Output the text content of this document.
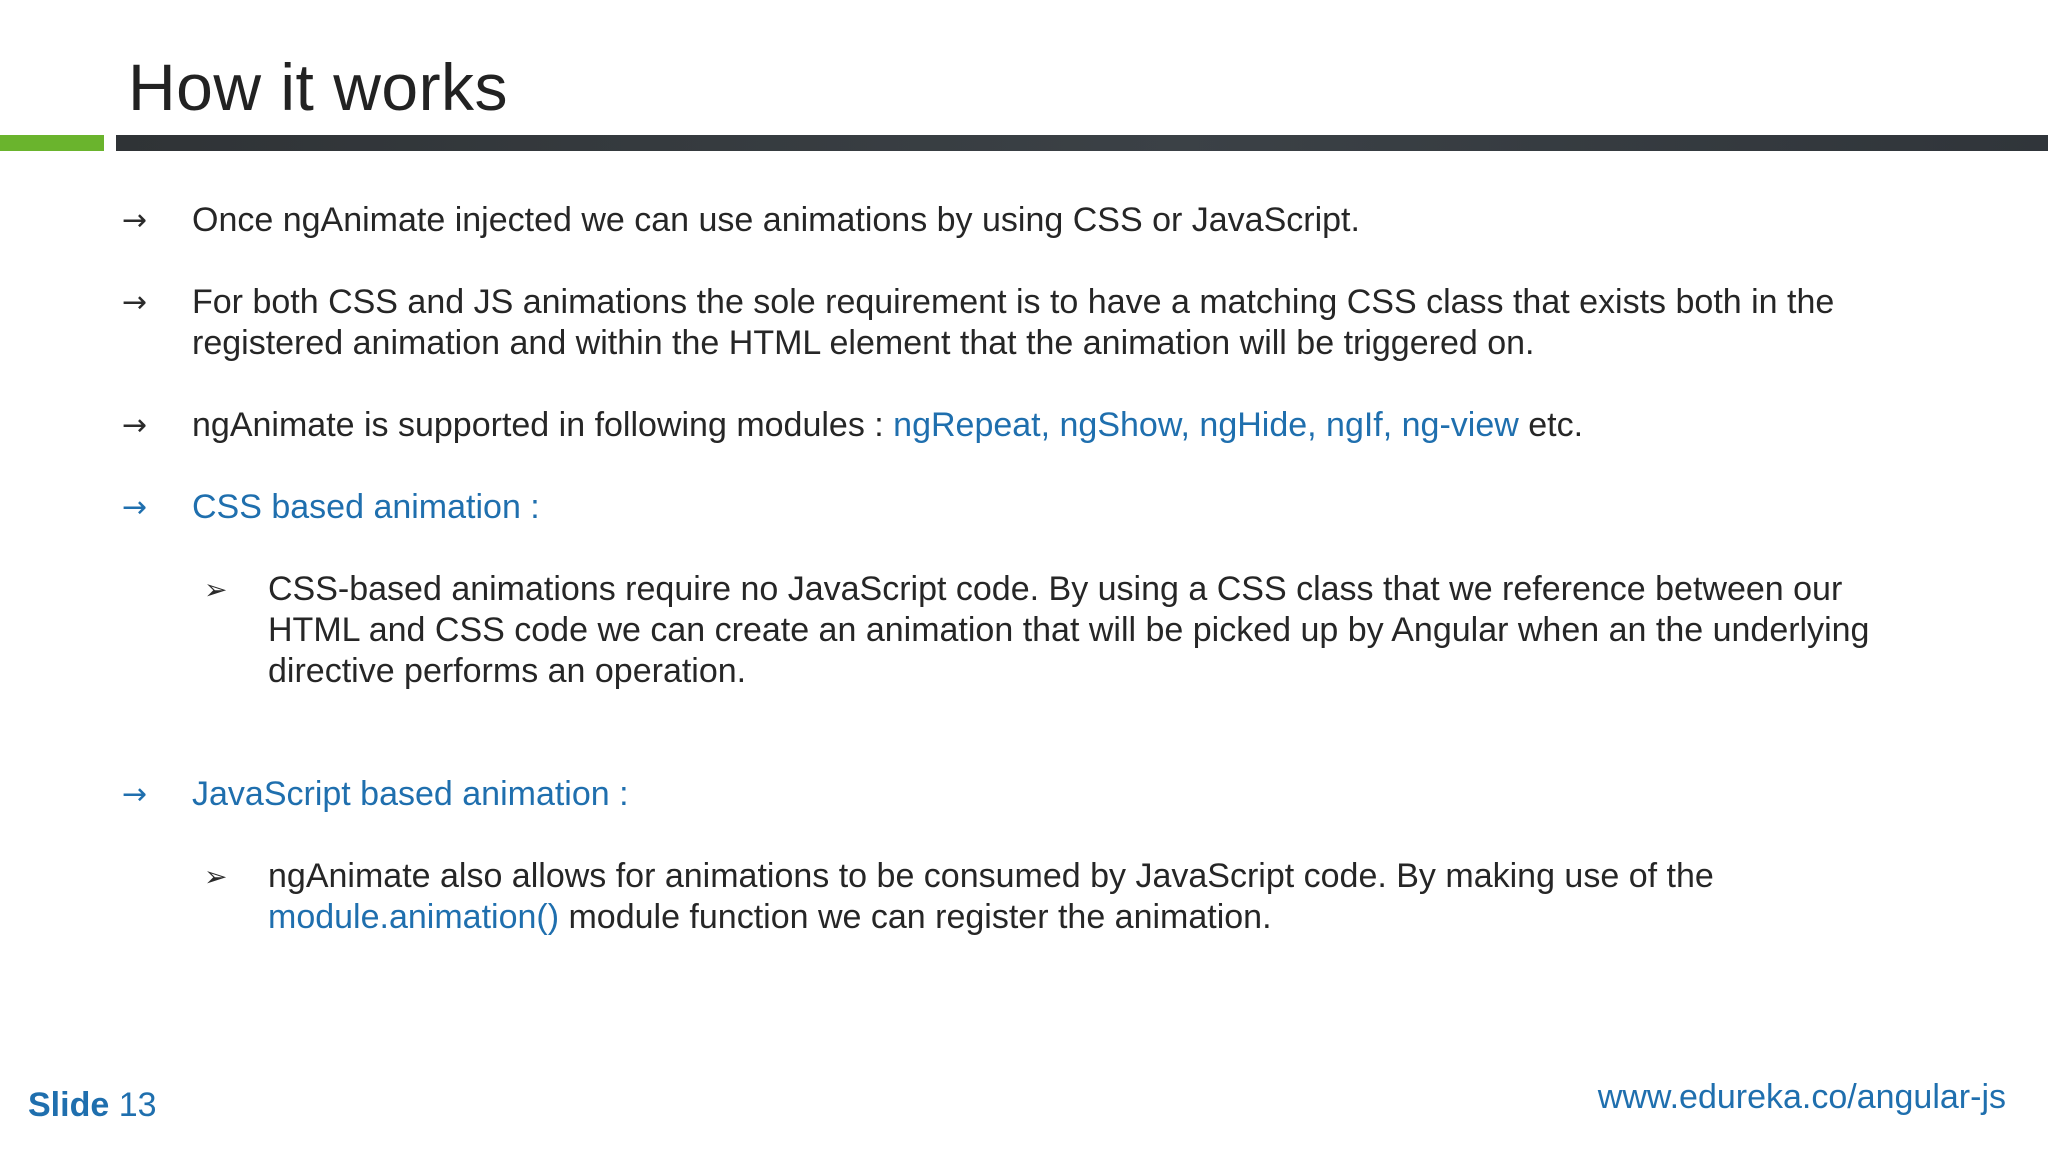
How it works

→	Once ngAnimate injected we can use animations by using CSS or JavaScript.

→	For both CSS and JS animations the sole requirement is to have a matching CSS class that exists both in the registered animation and within the HTML element that the animation will be triggered on.

→	ngAnimate is supported in following modules : ngRepeat, ngShow, ngHide, ngIf, ng-view etc.

→	CSS based animation :

➢ CSS-based animations require no JavaScript code. By using a CSS class that we reference between our HTML and CSS code we can create an animation that will be picked up by Angular when an the underlying directive performs an operation.

→	JavaScript based animation :

➢ ngAnimate also allows for animations to be consumed by JavaScript code. By making use of the module.animation() module function we can register the animation.

Slide 13	www.edureka.co/angular-js
